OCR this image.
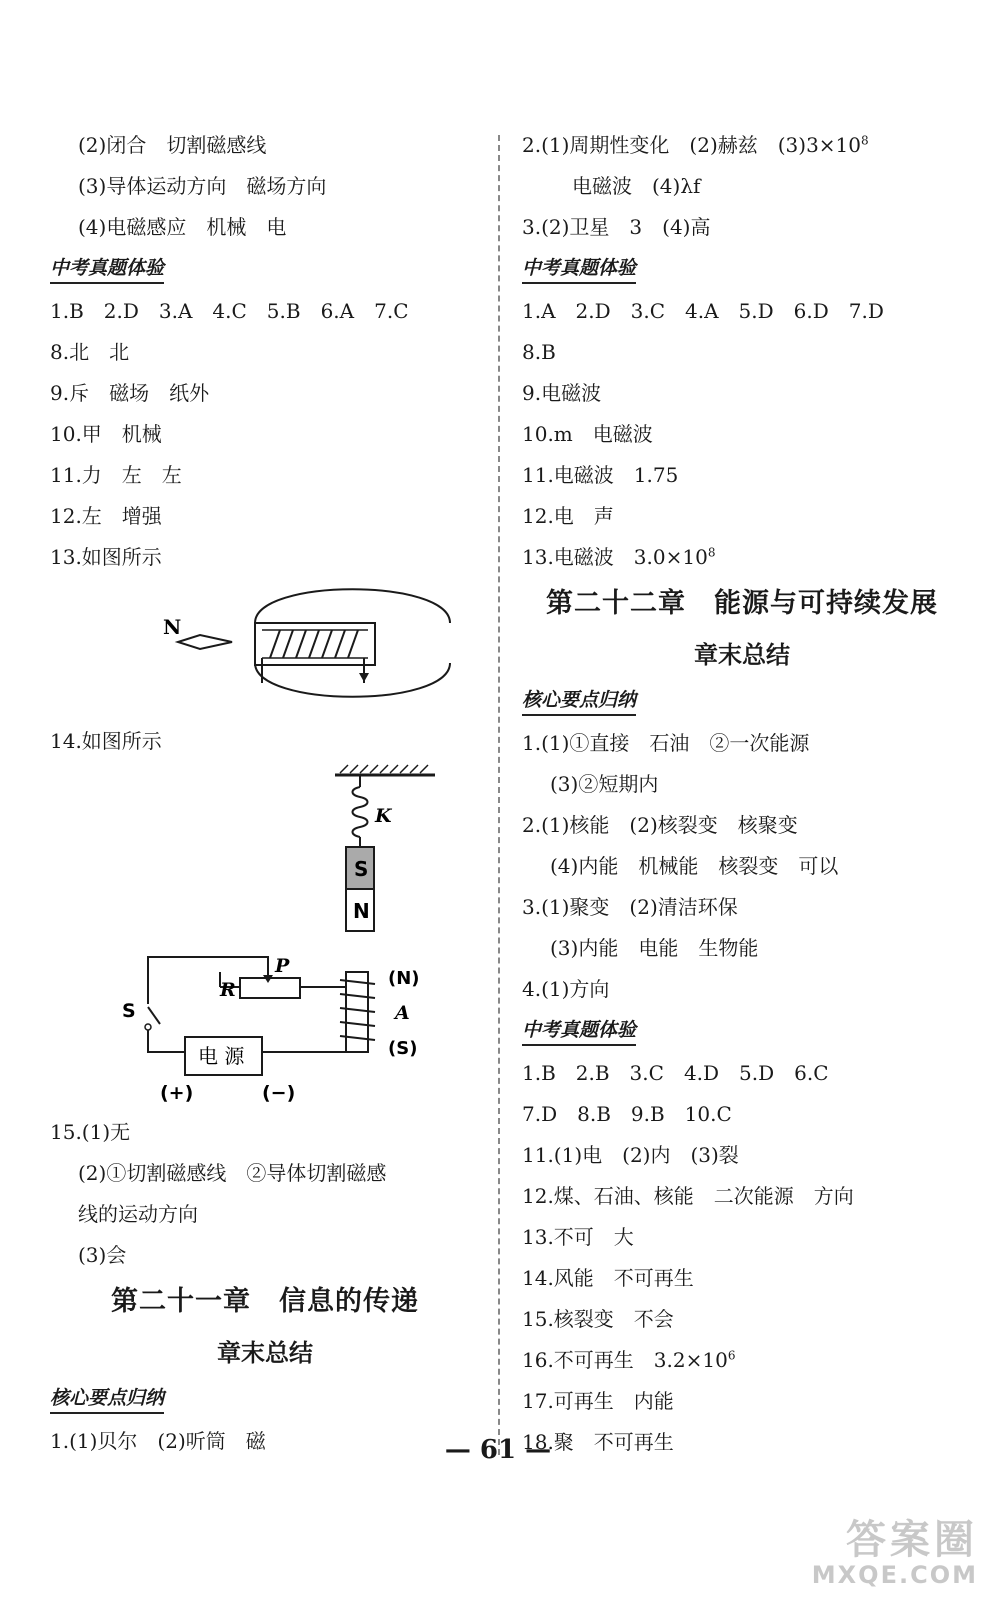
(2)闭合　切割磁感线
(3)导体运动方向　磁场方向
(4)电磁感应　机械　电
中考真题体验
1.B　2.D　3.A　4.C　5.B　6.A　7.C
8.北　北
9.斥　磁场　纸外
10.甲　机械
11.力　左　左
12.左　增强
13.如图所示
N
14.如图所示
K
S
N
P
R
S
(N)
A
(S)
电 源
(+)	(−)
15.(1)无
(2)①切割磁感线　②导体切割磁感
线的运动方向
(3)会
第二十一章　信息的传递
章末总结
核心要点归纳
1.(1)贝尔　(2)听筒　磁
2.(1)周期性变化　(2)赫兹　$(3)3\times 10^8$
电磁波　(4)λf
3.(2)卫星　3　(4)高
中考真题体验
1.A　2.D　3.C　4.A　5.D　6.D　7.D
8.B
9.电磁波
10.m　电磁波
11.电磁波　1.75
12.电　声
13.电磁波　$3.0\times 10^8$
第二十二章　能源与可持续发展
章末总结
核心要点归纳
1.(1)①直接　石油　②一次能源
(3)②短期内
2.(1)核能　(2)核裂变　核聚变
(4)内能　机械能　核裂变　可以
3.(1)聚变　(2)清洁环保
(3)内能　电能　生物能
4.(1)方向
中考真题体验
1.B　2.B　3.C　4.D　5.D　6.C
7.D　8.B　9.B　10.C
11.(1)电　(2)内　(3)裂
12.煤、石油、核能　二次能源　方向
13.不可　大
14.风能　不可再生
15.核裂变　不会
16.不可再生　$3.2\times 10^6$
17.可再生　内能
18.聚　不可再生
— 61 —
答案圈
MXQE.COM
